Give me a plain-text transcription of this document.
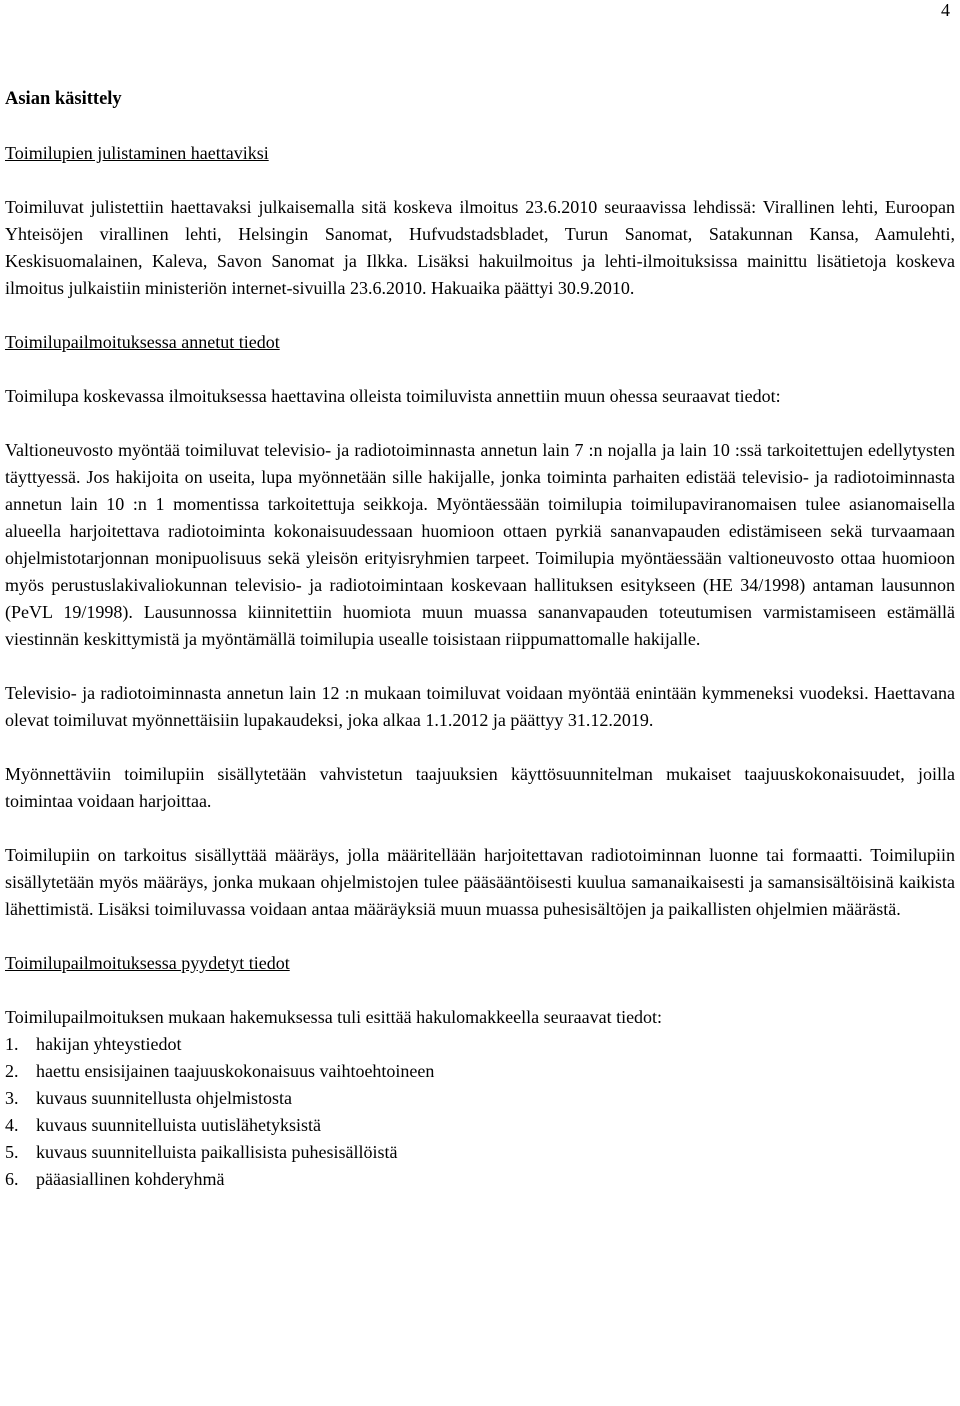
4
Asian käsittely
Toimilupien julistaminen haettaviksi

Toimiluvat julistettiin haettavaksi julkaisemalla sitä koskeva ilmoitus 23.6.2010 seuraavissa lehdissä: Virallinen lehti, Euroopan Yhteisöjen virallinen lehti, Helsingin Sanomat, Hufvudstadsbladet, Turun Sanomat, Satakunnan Kansa, Aamulehti, Keskisuomalainen, Kaleva, Savon Sanomat ja Ilkka. Lisäksi hakuilmoitus ja lehti-ilmoituksissa mainittu lisätietoja koskeva ilmoitus julkaistiin ministeriön internet-sivuilla 23.6.2010. Hakuaika päättyi 30.9.2010.

Toimilupailmoituksessa annetut tiedot

Toimilupa koskevassa ilmoituksessa haettavina olleista toimiluvista annettiin muun ohessa seuraavat tiedot:

Valtioneuvosto myöntää toimiluvat televisio- ja radiotoiminnasta annetun lain 7 :n nojalla ja lain 10 :ssä tarkoitettujen edellytysten täyttyessä. Jos hakijoita on useita, lupa myönnetään sille hakijalle, jonka toiminta parhaiten edistää televisio- ja radiotoiminnasta annetun lain 10 :n 1 momentissa tarkoitettuja seikkoja. Myöntäessään toimilupia toimilupaviranomaisen tulee asianomaisella alueella harjoitettava radiotoiminta kokonaisuudessaan huomioon ottaen pyrkiä sananvapauden edistämiseen sekä turvaamaan ohjelmistotarjonnan monipuolisuus sekä yleisön erityisryhmien tarpeet. Toimilupia myöntäessään valtioneuvosto ottaa huomioon myös perustuslakivaliokunnan televisio- ja radiotoimintaan koskevaan hallituksen esitykseen (HE 34/1998) antaman lausunnon (PeVL 19/1998). Lausunnossa kiinnitettiin huomiota muun muassa sananvapauden toteutumisen varmistamiseen estämällä viestinnän keskittymistä ja myöntämällä toimilupia usealle toisistaan riippumattomalle hakijalle.

Televisio- ja radiotoiminnasta annetun lain 12 :n mukaan toimiluvat voidaan myöntää enintään kymmeneksi vuodeksi. Haettavana olevat toimiluvat myönnettäisiin lupakaudeksi, joka alkaa 1.1.2012 ja päättyy 31.12.2019.

Myönnettäviin toimilupiin sisällytetään vahvistetun taajuuksien käyttösuunnitelman mukaiset taajuuskokonaisuudet, joilla toimintaa voidaan harjoittaa.

Toimilupiin on tarkoitus sisällyttää määräys, jolla määritellään harjoitettavan radiotoiminnan luonne tai formaatti. Toimilupiin sisällytetään myös määräys, jonka mukaan ohjelmistojen tulee pääsääntöisesti kuulua samanaikaisesti ja samansisältöisinä kaikista lähettimistä. Lisäksi toimiluvassa voidaan antaa määräyksiä muun muassa puhesisältöjen ja paikallisten ohjelmien määrästä.

Toimilupailmoituksessa pyydetyt tiedot

Toimilupailmoituksen mukaan hakemuksessa tuli esittää hakulomakkeella seuraavat tiedot:

1. hakijan yhteystiedot
2. haettu ensisijainen taajuuskokonaisuus vaihtoehtoineen
3. kuvaus suunnitellusta ohjelmistosta
4. kuvaus suunnitelluista uutislähetyksistä
5. kuvaus suunnitelluista paikallisista puhesisällöistä
6. pääasiallinen kohderyhmä
